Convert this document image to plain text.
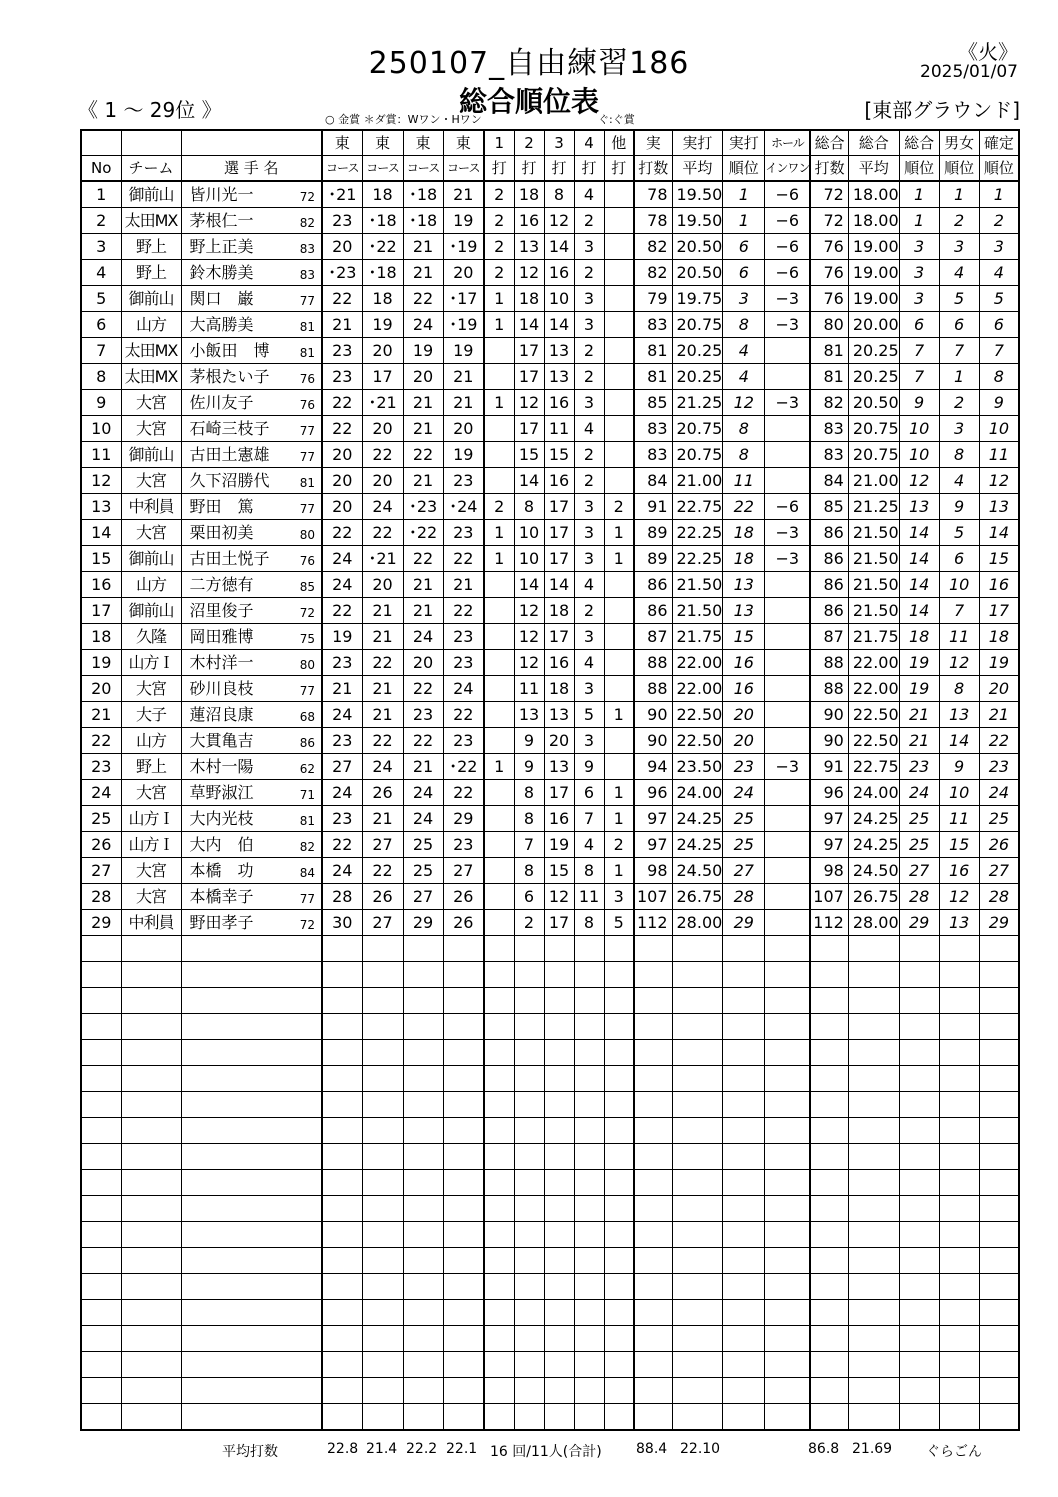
250107_自由練習186
総合順位表
《火》
2025/01/07
《 1 ～ 29位 》	[東部グラウンド]
○ 金賞 ＊ダ賞：Wワン・Hワン	ぐ:ぐ賞
			東	東	東	東	1	2	3	4	他	実	実打	実打	ホール	総合	総合	総合	男女	確定
No	チーム	選 手 名	コース	コース	コース	コース	打	打	打	打	打	打数	平均	順位	インワン	打数	平均	順位	順位	順位
1	御前山	皆川光一 72	･21	18	･18	21	2	18	8	4		78	19.50	1	−6	72	18.00	1	1	1
2	太田MX	茅根仁一 82	23	･18	･18	19	2	16	12	2		78	19.50	1	−6	72	18.00	1	2	2
3	野上	野上正美 83	20	･22	21	･19	2	13	14	3		82	20.50	6	−6	76	19.00	3	3	3
4	野上	鈴木勝美 83	･23	･18	21	20	2	12	16	2		82	20.50	6	−6	76	19.00	3	4	4
5	御前山	関口　巌 77	22	18	22	･17	1	18	10	3		79	19.75	3	−3	76	19.00	3	5	5
6	山方	大高勝美 81	21	19	24	･19	1	14	14	3		83	20.75	8	−3	80	20.00	6	6	6
7	太田MX	小飯田　博 81	23	20	19	19		17	13	2		81	20.25	4		81	20.25	7	7	7
8	太田MX	茅根たい子 76	23	17	20	21		17	13	2		81	20.25	4		81	20.25	7	1	8
9	大宮	佐川友子 76	22	･21	21	21	1	12	16	3		85	21.25	12	−3	82	20.50	9	2	9
10	大宮	石崎三枝子 77	22	20	21	20		17	11	4		83	20.75	8		83	20.75	10	3	10
11	御前山	古田土憲雄 77	20	22	22	19		15	15	2		83	20.75	8		83	20.75	10	8	11
12	大宮	久下沼勝代 81	20	20	21	23		14	16	2		84	21.00	11		84	21.00	12	4	12
13	中利員	野田　篤 77	20	24	･23	･24	2	8	17	3	2	91	22.75	22	−6	85	21.25	13	9	13
14	大宮	栗田初美 80	22	22	･22	23	1	10	17	3	1	89	22.25	18	−3	86	21.50	14	5	14
15	御前山	古田土悦子 76	24	･21	22	22	1	10	17	3	1	89	22.25	18	−3	86	21.50	14	6	15
16	山方	二方徳有 85	24	20	21	21		14	14	4		86	21.50	13		86	21.50	14	10	16
17	御前山	沼里俊子 72	22	21	21	22		12	18	2		86	21.50	13		86	21.50	14	7	17
18	久隆	岡田雅博 75	19	21	24	23		12	17	3		87	21.75	15		87	21.75	18	11	18
19	山方Ｉ	木村洋一 80	23	22	20	23		12	16	4		88	22.00	16		88	22.00	19	12	19
20	大宮	砂川良枝 77	21	21	22	24		11	18	3		88	22.00	16		88	22.00	19	8	20
21	大子	蓮沼良康 68	24	21	23	22		13	13	5	1	90	22.50	20		90	22.50	21	13	21
22	山方	大貫亀吉 86	23	22	22	23		9	20	3		90	22.50	20		90	22.50	21	14	22
23	野上	木村一陽 62	27	24	21	･22	1	9	13	9		94	23.50	23	−3	91	22.75	23	9	23
24	大宮	草野淑江 71	24	26	24	22		8	17	6	1	96	24.00	24		96	24.00	24	10	24
25	山方Ｉ	大内光枝 81	23	21	24	29		8	16	7	1	97	24.25	25		97	24.25	25	11	25
26	山方Ｉ	大内　伯 82	22	27	25	23		7	19	4	2	97	24.25	25		97	24.25	25	15	26
27	大宮	本橋　功 84	24	22	25	27		8	15	8	1	98	24.50	27		98	24.50	27	16	27
28	大宮	本橋幸子 77	28	26	27	26		6	12	11	3	107	26.75	28		107	26.75	28	12	28
29	中利員	野田孝子 72	30	27	29	26		2	17	8	5	112	28.00	29		112	28.00	29	13	29

平均打数	22.8 21.4 22.2 22.1 16 回/11人(合計) 88.4 22.10	86.8 21.69 ぐらごん
